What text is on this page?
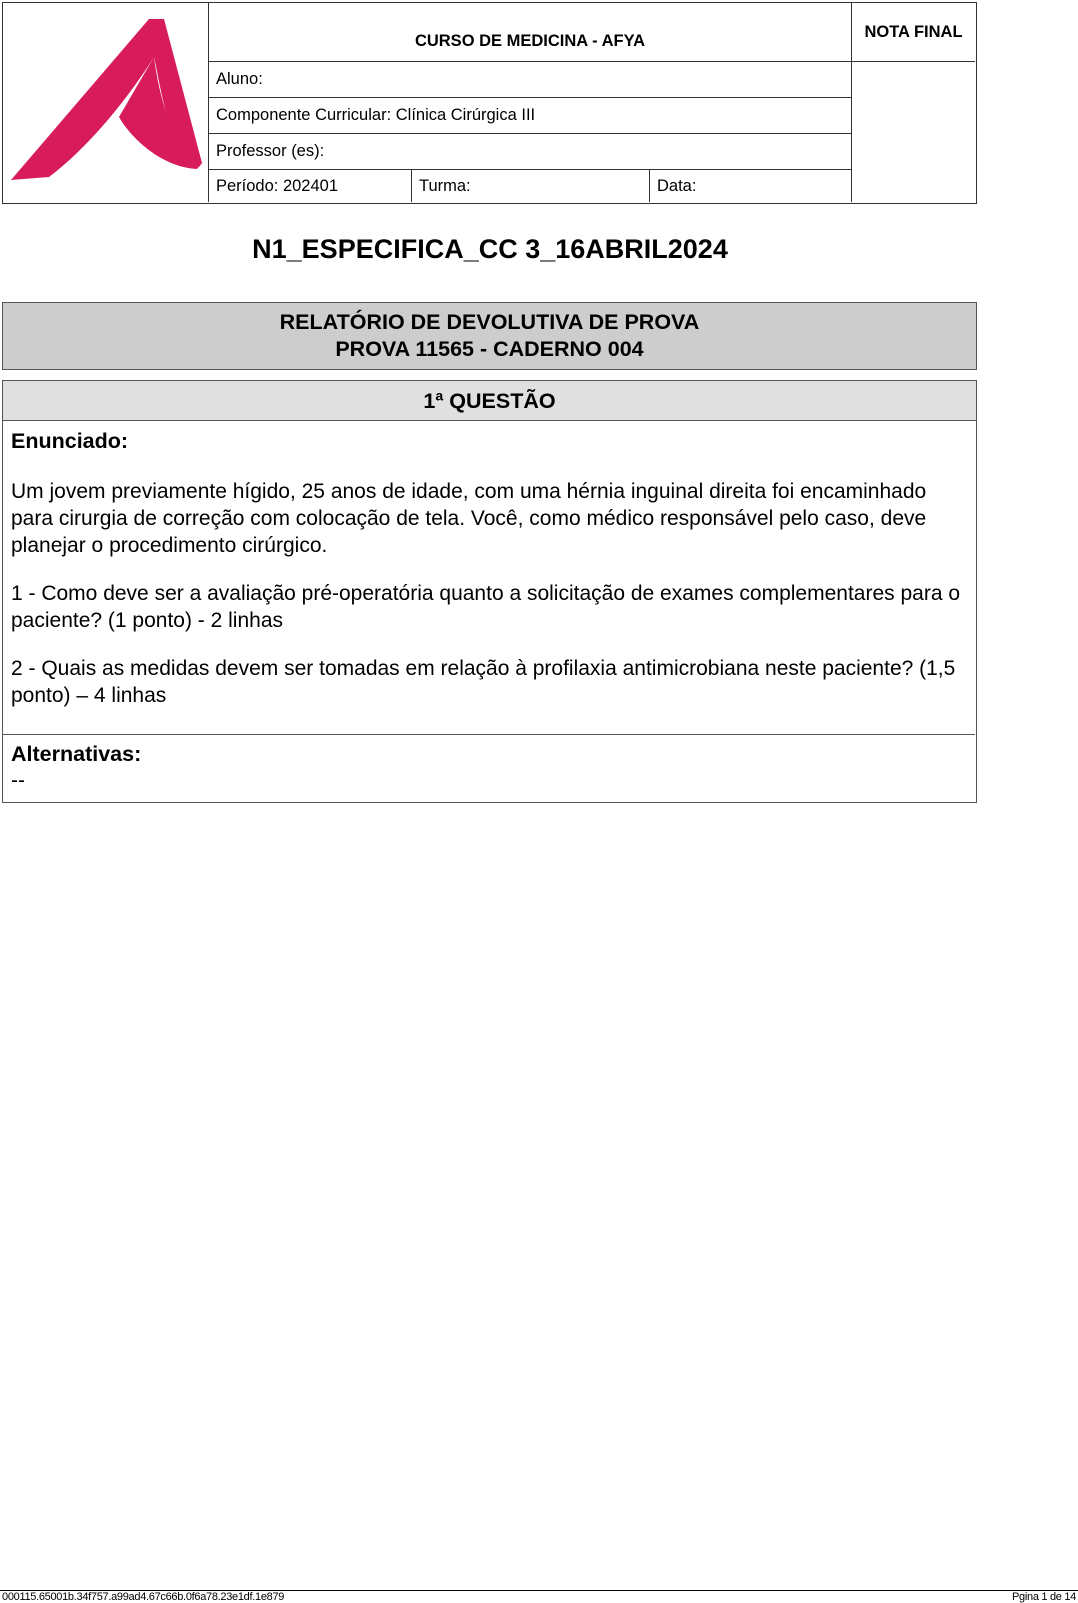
CURSO DE MEDICINA - AFYA
Aluno:
Componente Curricular: Clínica Cirúrgica III
Professor (es):
Período: 202401	Turma:	Data:
NOTA FINAL
N1_ESPECIFICA_CC 3_16ABRIL2024
RELATÓRIO DE DEVOLUTIVA DE PROVA
PROVA 11565 - CADERNO 004
1ª QUESTÃO
Enunciado:
Um jovem previamente hígido, 25 anos de idade, com uma hérnia inguinal direita foi encaminhado para cirurgia de correção com colocação de tela. Você, como médico responsável pelo caso, deve planejar o procedimento cirúrgico.
1 - Como deve ser a avaliação pré-operatória quanto a solicitação de exames complementares para o paciente? (1 ponto) - 2 linhas
2 - Quais as medidas devem ser tomadas em relação à profilaxia antimicrobiana neste paciente? (1,5 ponto) – 4 linhas
Alternativas:
--
000115.65001b.34f757.a99ad4.67c66b.0f6a78.23e1df.1e879	Pgina 1 de 14
